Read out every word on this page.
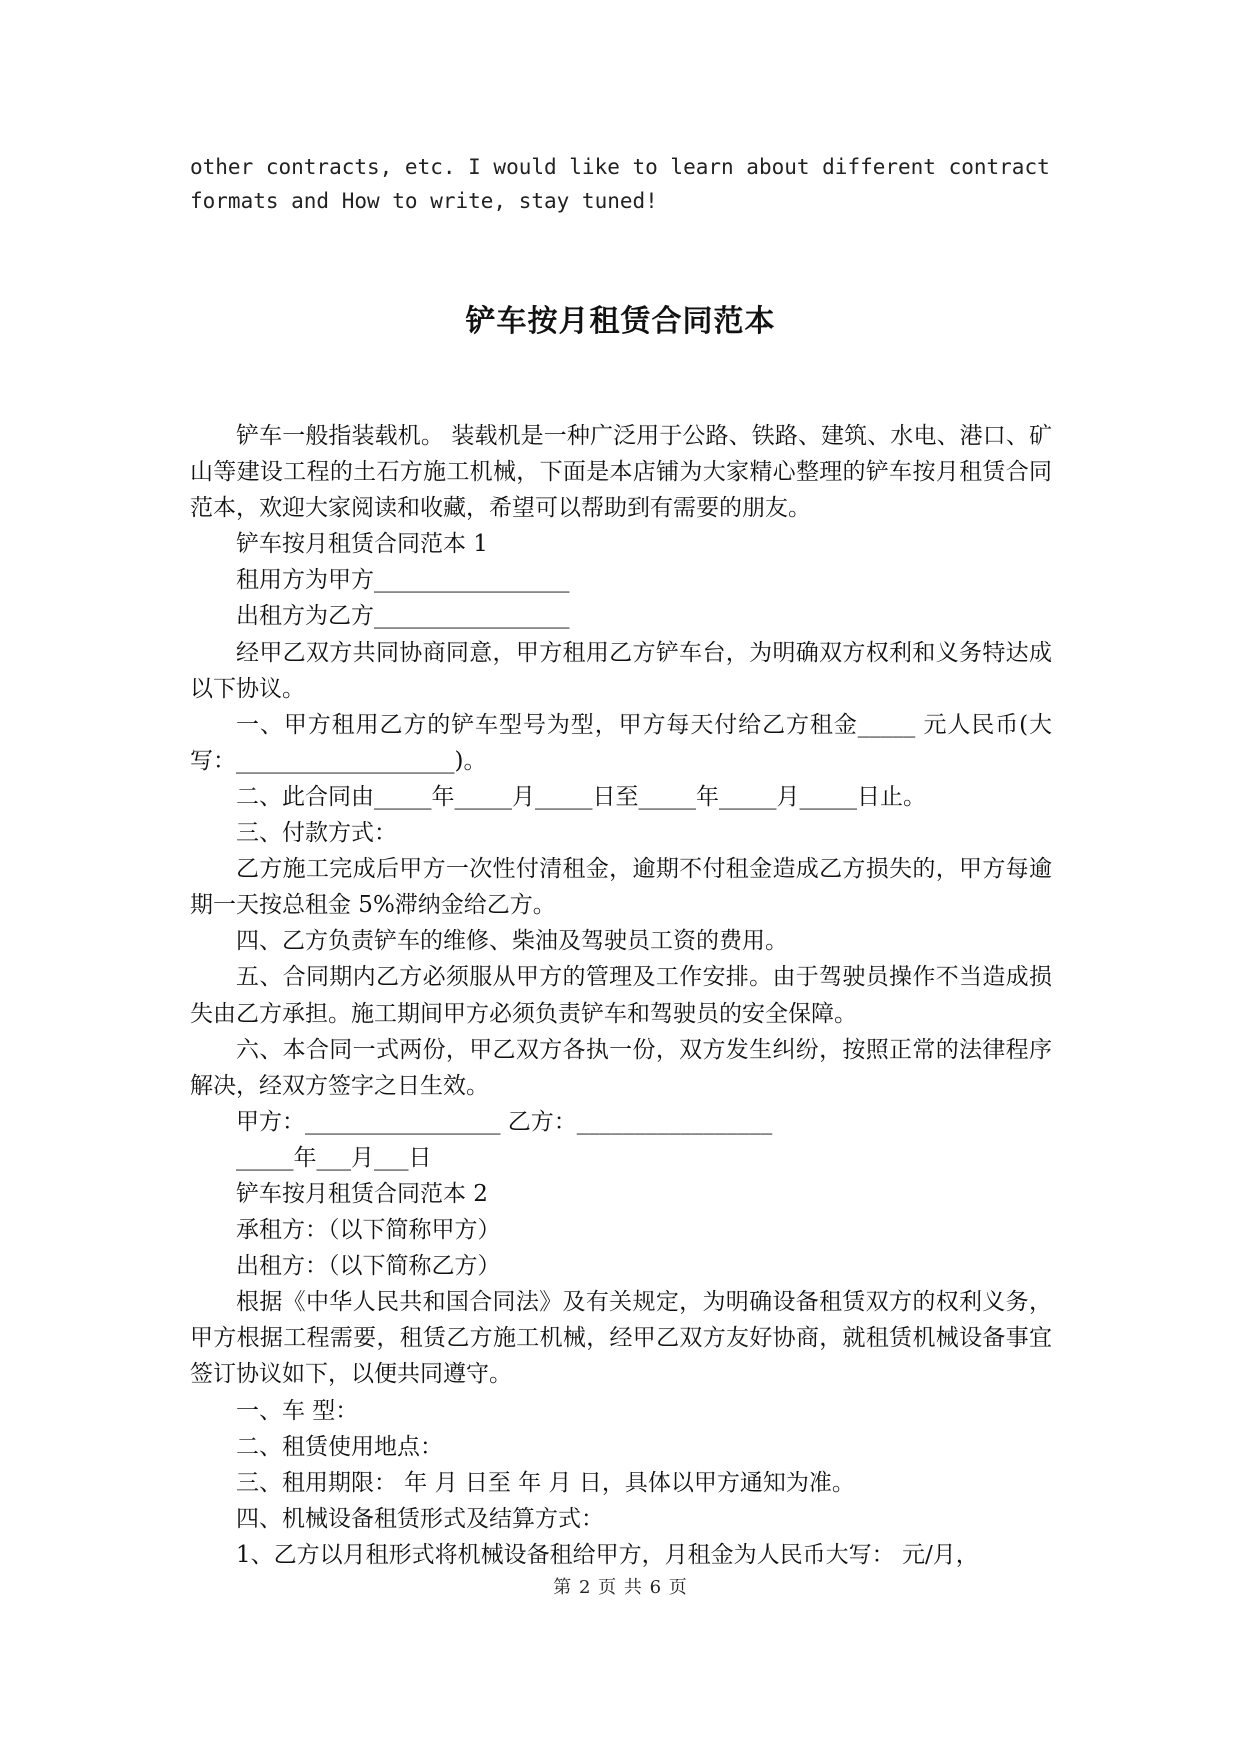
other contracts, etc. I would like to learn about different contract

formats and How to write, stay tuned!

铲车按月租赁合同范本

铲车一般指装载机。 装载机是一种广泛用于公路、铁路、建筑、水电、港口、矿山等建设工程的土石方施工机械，下面是本店铺为大家精心整理的铲车按月租赁合同范本，欢迎大家阅读和收藏，希望可以帮助到有需要的朋友。

铲车按月租赁合同范本 1

租用方为甲方_________________

出租方为乙方_________________

经甲乙双方共同协商同意，甲方租用乙方铲车台，为明确双方权利和义务特达成以下协议。

一、甲方租用乙方的铲车型号为型，甲方每天付给乙方租金_____ 元人民币(大写：___________________)。

二、此合同由_____年_____月_____日至_____年_____月_____日止。

三、付款方式：

乙方施工完成后甲方一次性付清租金，逾期不付租金造成乙方损失的，甲方每逾期一天按总租金 5%滞纳金给乙方。

四、乙方负责铲车的维修、柴油及驾驶员工资的费用。

五、合同期内乙方必须服从甲方的管理及工作安排。由于驾驶员操作不当造成损失由乙方承担。施工期间甲方必须负责铲车和驾驶员的安全保障。

六、本合同一式两份，甲乙双方各执一份，双方发生纠纷，按照正常的法律程序解决，经双方签字之日生效。

甲方：_________________ 乙方：_________________

_____年___月___日

铲车按月租赁合同范本 2

承租方：（以下简称甲方）

出租方：（以下简称乙方）

根据《中华人民共和国合同法》及有关规定，为明确设备租赁双方的权利义务，甲方根据工程需要，租赁乙方施工机械，经甲乙双方友好协商，就租赁机械设备事宜签订协议如下，以便共同遵守。

一、车 型：

二、租赁使用地点：

三、租用期限： 年 月 日至 年 月 日，具体以甲方通知为准。

四、机械设备租赁形式及结算方式：

1、乙方以月租形式将机械设备租给甲方，月租金为人民币大写： 元/月，

第 2 页 共 6 页
